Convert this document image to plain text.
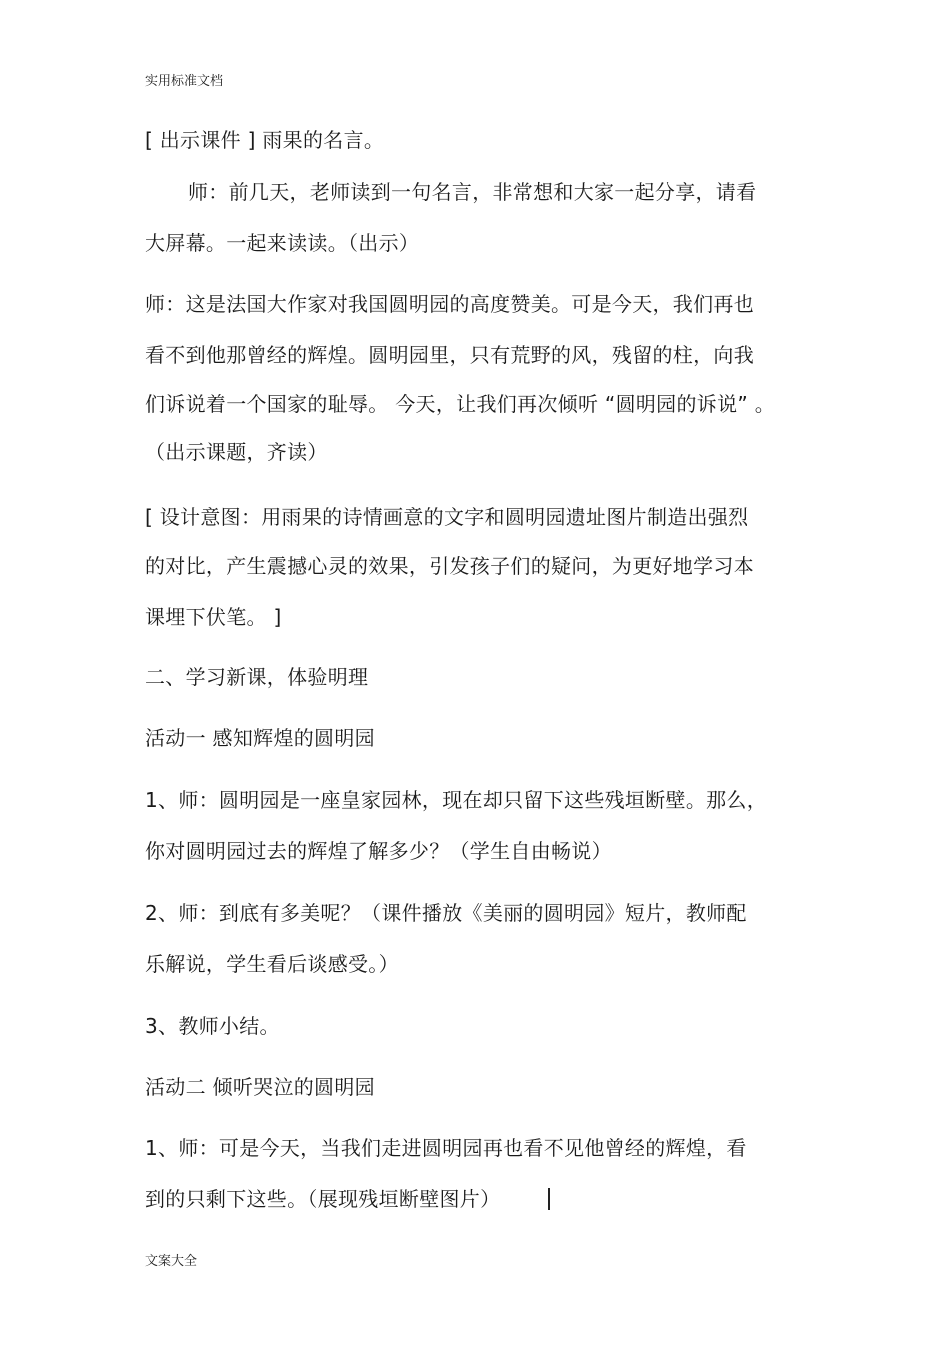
实用标准文档
[ 出示课件 ] 雨果的名言。
师：前几天，老师读到一句名言，非常想和大家一起分享，请看
大屏幕。一起来读读。（出示）
师：这是法国大作家对我国圆明园的高度赞美。可是今天，我们再也
看不到他那曾经的辉煌。圆明园里，只有荒野的风，残留的柱，向我
们诉说着一个国家的耻辱。 今天，让我们再次倾听 “圆明园的诉说” 。
（出示课题，齐读）
[ 设计意图：用雨果的诗情画意的文字和圆明园遗址图片制造出强烈
的对比，产生震撼心灵的效果，引发孩子们的疑问，为更好地学习本
课埋下伏笔。 ]
二、学习新课，体验明理
活动一 感知辉煌的圆明园
1、师：圆明园是一座皇家园林，现在却只留下这些残垣断壁。那么，
你对圆明园过去的辉煌了解多少？（学生自由畅说）
2、师：到底有多美呢？（课件播放《美丽的圆明园》短片，教师配
乐解说，学生看后谈感受。）
3、教师小结。
活动二 倾听哭泣的圆明园
1、师：可是今天，当我们走进圆明园再也看不见他曾经的辉煌，看
到的只剩下这些。（展现残垣断壁图片）
文案大全
